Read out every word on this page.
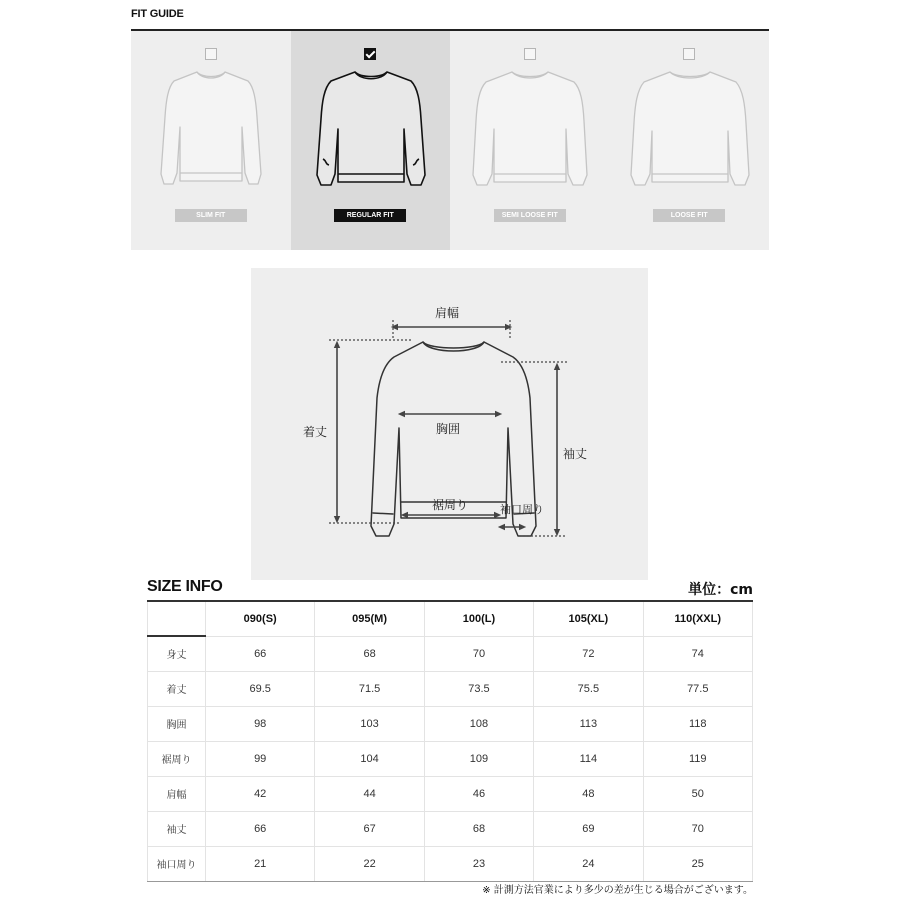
FIT GUIDE
SLIM FIT	REGULAR FIT	SEMI LOOSE FIT	LOOSE FIT
肩幅
胸囲
着丈
袖丈
裾周り	袖口周り
SIZE INFO	単位：cm
	090(S)	095(M)	100(L)	105(XL)	110(XXL)
身丈	66	68	70	72	74
着丈	69.5	71.5	73.5	75.5	77.5
胸囲	98	103	108	113	118
裾周り	99	104	109	114	119
肩幅	42	44	46	48	50
袖丈	66	67	68	69	70
袖口周り	21	22	23	24	25
※ 計測方法官業により多少の差が生じる場合がございます。
